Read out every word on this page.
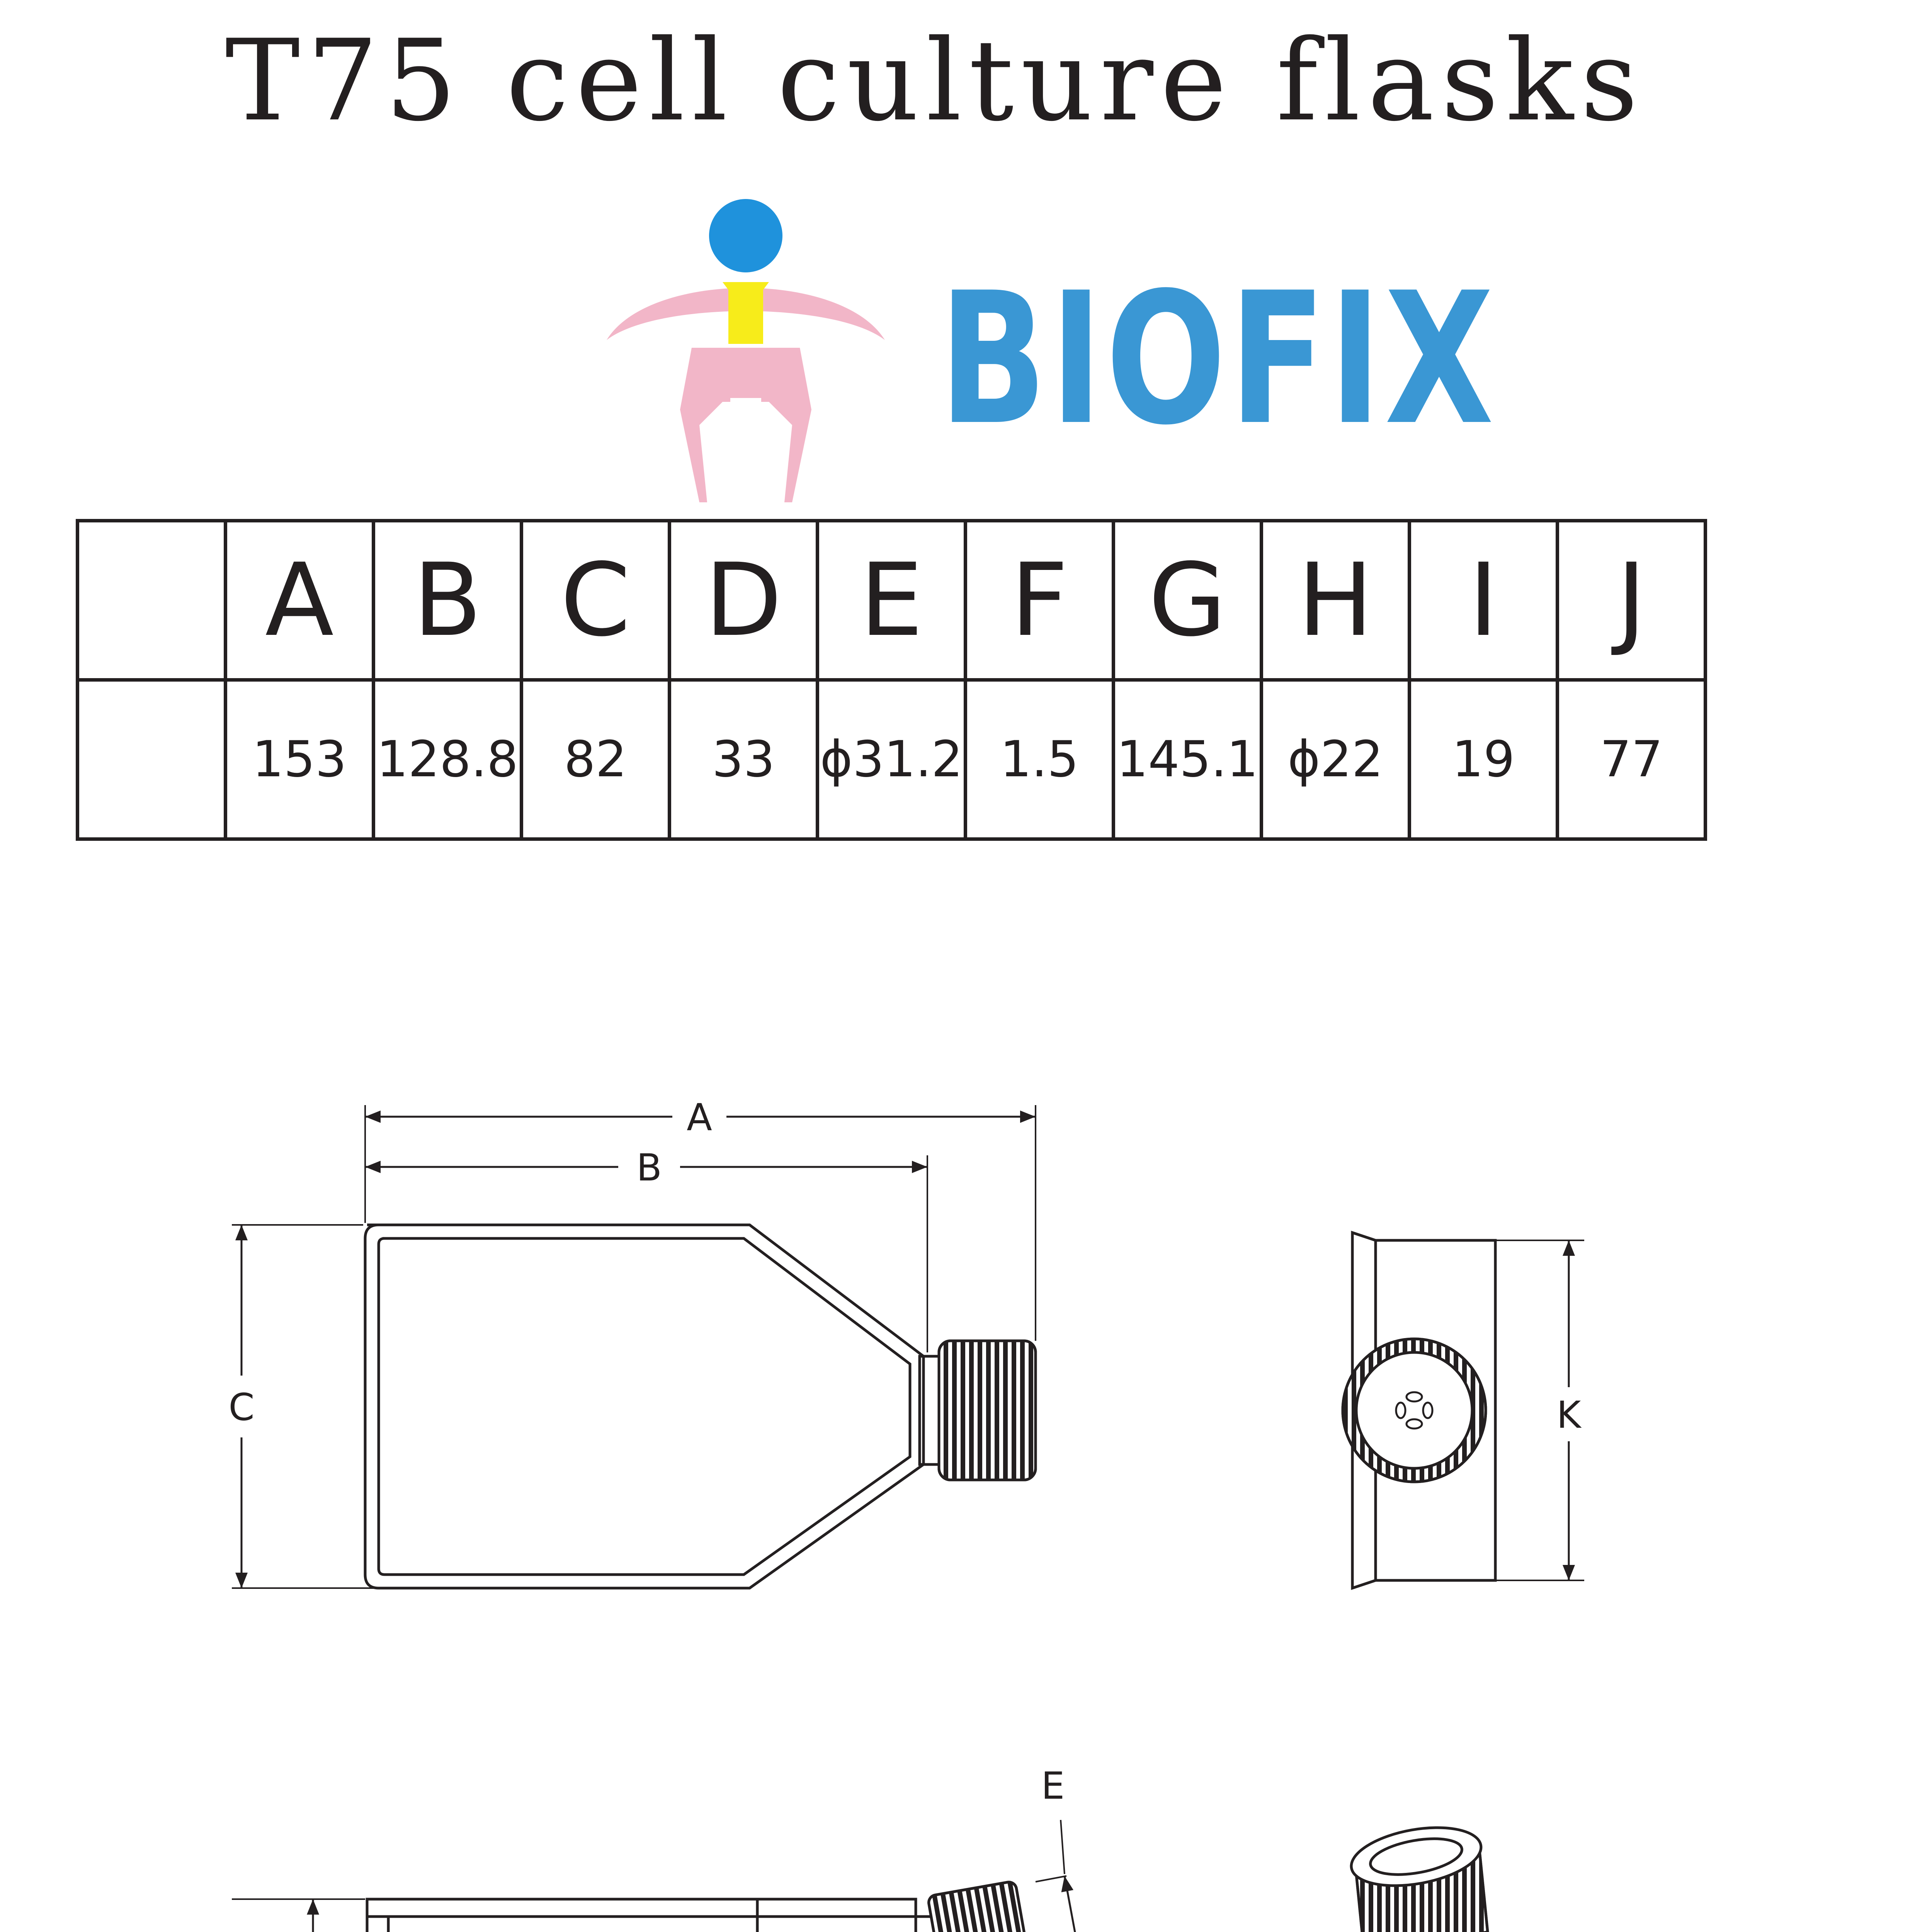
T75 cell culture flasks
BIOFIX
	A	B	C	D	E	F	G	H	I	J
	153	128.8	82	33	ϕ31.2	1.5	145.1	ϕ22	19	77
A
B
C	K
E
